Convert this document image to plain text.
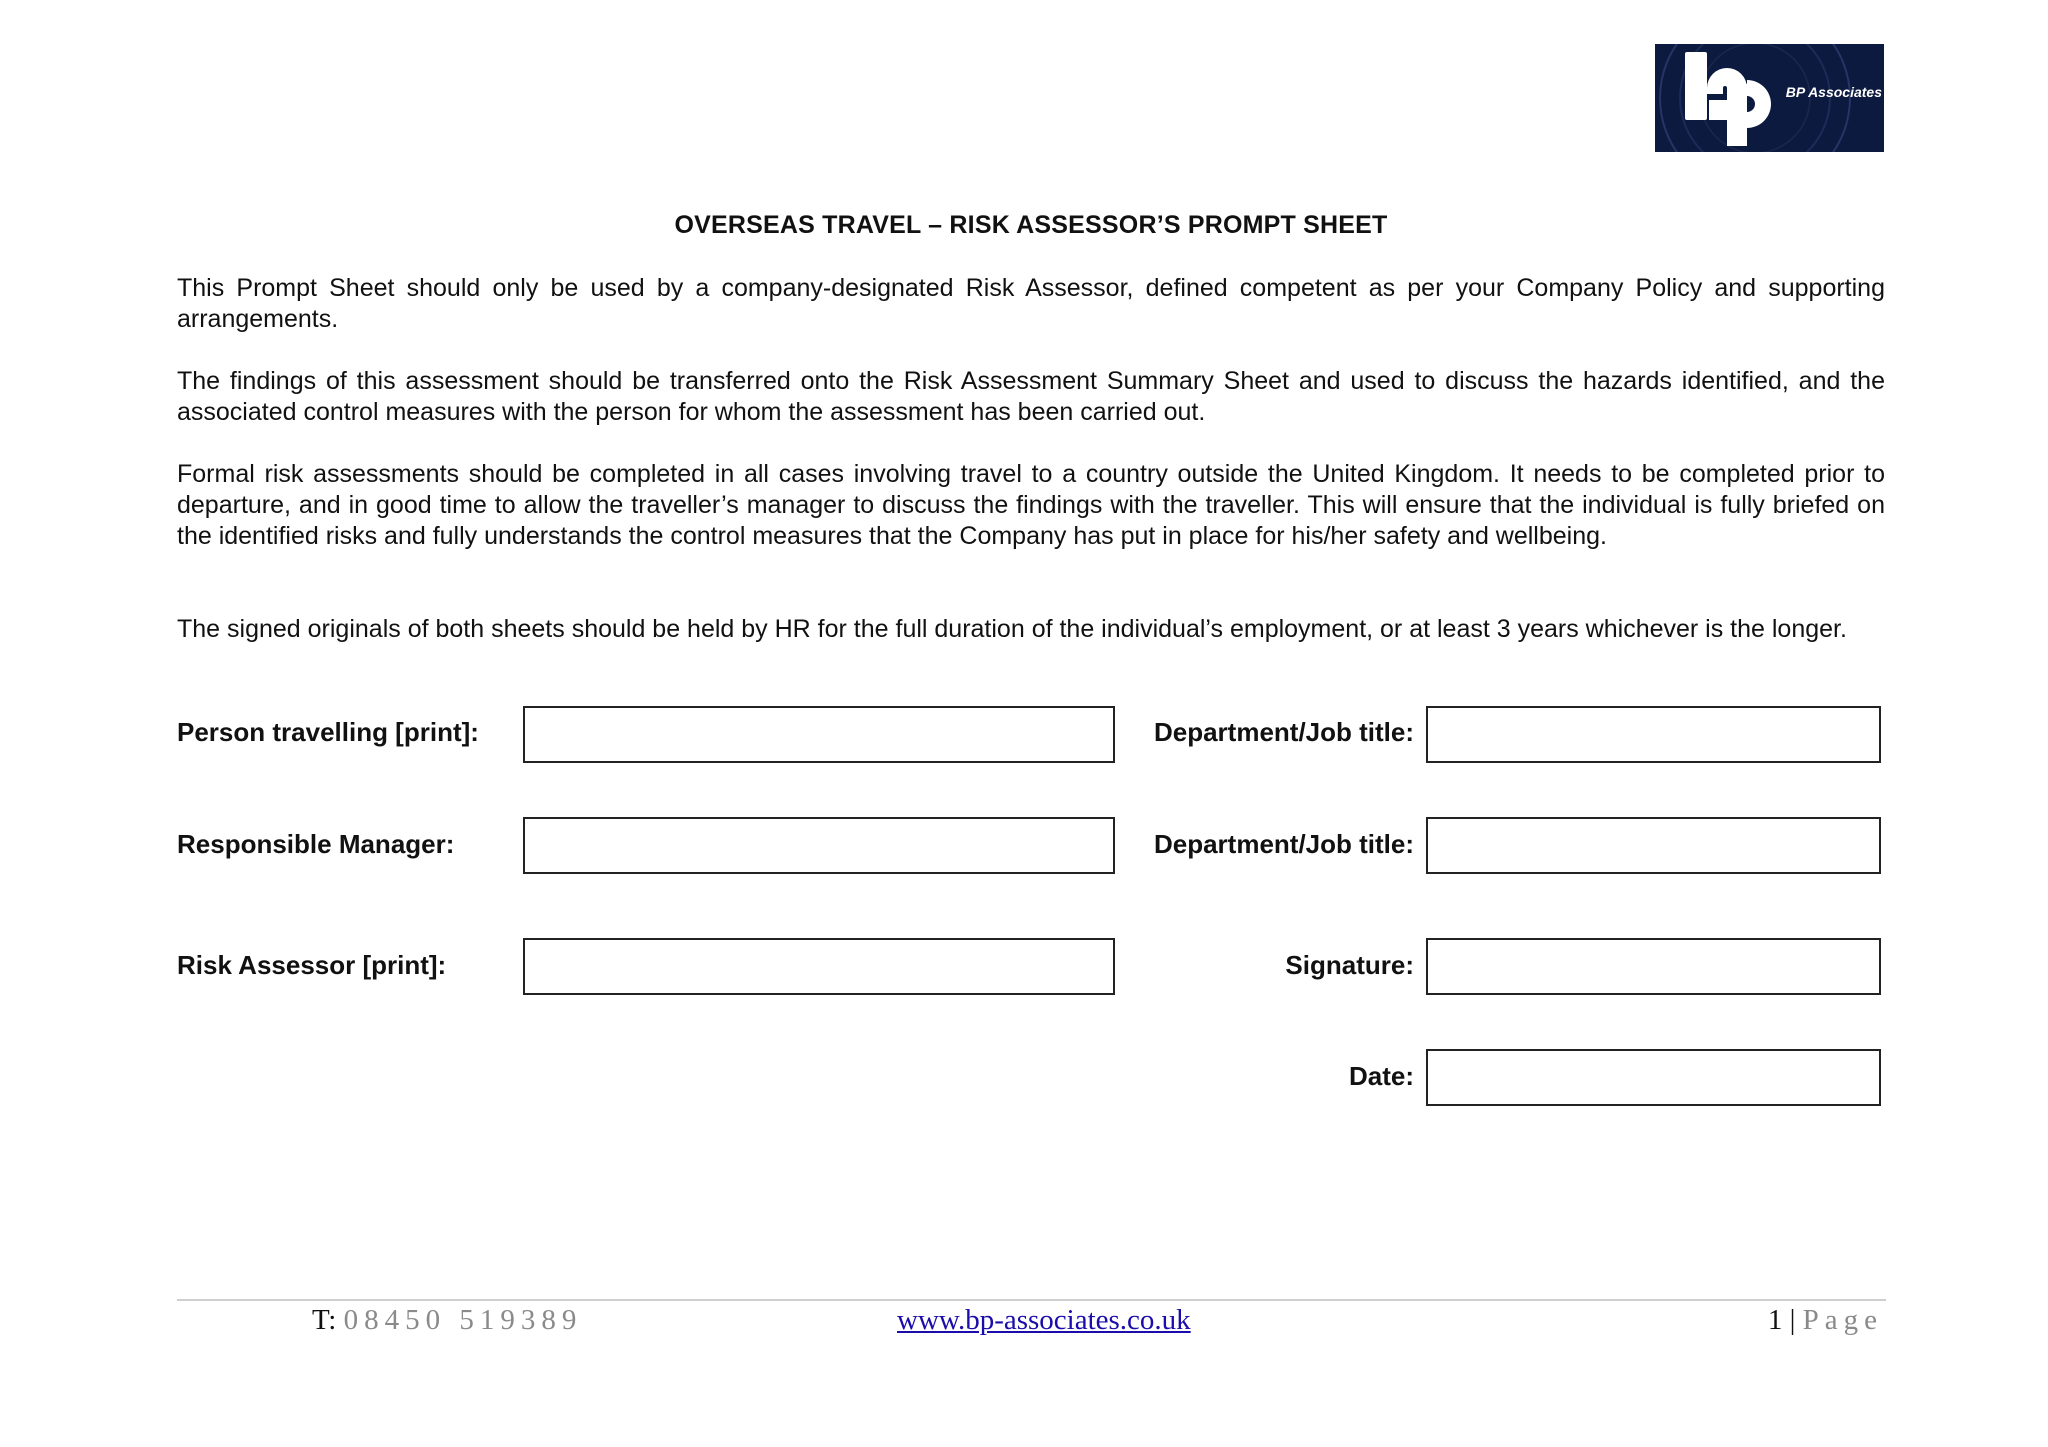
BP Associates
OVERSEAS TRAVEL – RISK ASSESSOR’S PROMPT SHEET
This Prompt Sheet should only be used by a company-designated Risk Assessor, defined competent as per your Company Policy and supporting arrangements.
The findings of this assessment should be transferred onto the Risk Assessment Summary Sheet and used to discuss the hazards identified, and the associated control measures with the person for whom the assessment has been carried out.
Formal risk assessments should be completed in all cases involving travel to a country outside the United Kingdom. It needs to be completed prior to departure, and in good time to allow the traveller’s manager to discuss the findings with the traveller. This will ensure that the individual is fully briefed on the identified risks and fully understands the control measures that the Company has put in place for his/her safety and wellbeing.
The signed originals of both sheets should be held by HR for the full duration of the individual’s employment, or at least 3 years whichever is the longer.
Person travelling [print]:	Department/Job title:
Responsible Manager:	Department/Job title:
Risk Assessor [print]:	Signature:
Date:
T: 08450 519389	www.bp-associates.co.uk	1 | Page
